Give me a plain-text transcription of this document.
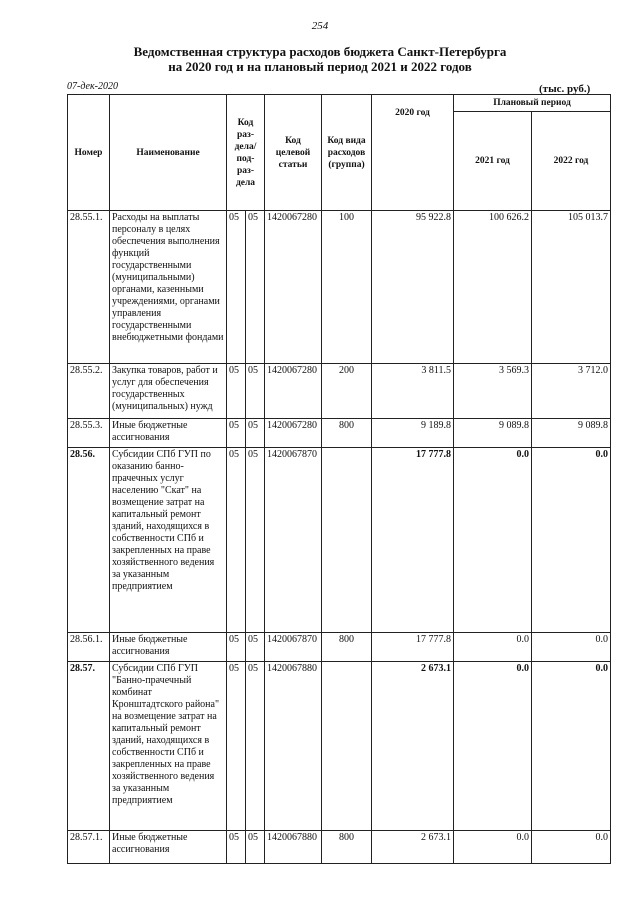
254
Ведомственная структура расходов бюджета Санкт-Петербурга
на 2020 год и на плановый период 2021 и 2022 годов
07-дек-2020	(тыс. руб.)
Номер	Наименование	Код раз- дела/ под- раз- дела		Код целевой статьи	Код вида расходов (группа)	2020 год	Плановый период	
							2021 год	2022 год
28.55.1.	Расходы на выплаты персоналу в целях обеспечения выполнения функций государственными (муниципальными) органами, казенными учреждениями, органами управления государственными внебюджетными фондами	05	05	1420067280	100	95 922.8	100 626.2	105 013.7
28.55.2.	Закупка товаров, работ и услуг для обеспечения государственных (муниципальных) нужд	05	05	1420067280	200	3 811.5	3 569.3	3 712.0
28.55.3.	Иные бюджетные ассигнования	05	05	1420067280	800	9 189.8	9 089.8	9 089.8
28.56.	Субсидии СПб ГУП по оказанию банно-прачечных услуг населению "Скат" на возмещение затрат на капитальный ремонт зданий, находящихся в собственности СПб и закрепленных на праве хозяйственного ведения за указанным предприятием	05	05	1420067870		17 777.8	0.0	0.0
28.56.1.	Иные бюджетные ассигнования	05	05	1420067870	800	17 777.8	0.0	0.0
28.57.	Субсидии СПб ГУП "Банно-прачечный комбинат Кронштадтского района" на возмещение затрат на капитальный ремонт зданий, находящихся в собственности СПб и закрепленных на праве хозяйственного ведения за указанным предприятием	05	05	1420067880		2 673.1	0.0	0.0
28.57.1.	Иные бюджетные ассигнования	05	05	1420067880	800	2 673.1	0.0	0.0
